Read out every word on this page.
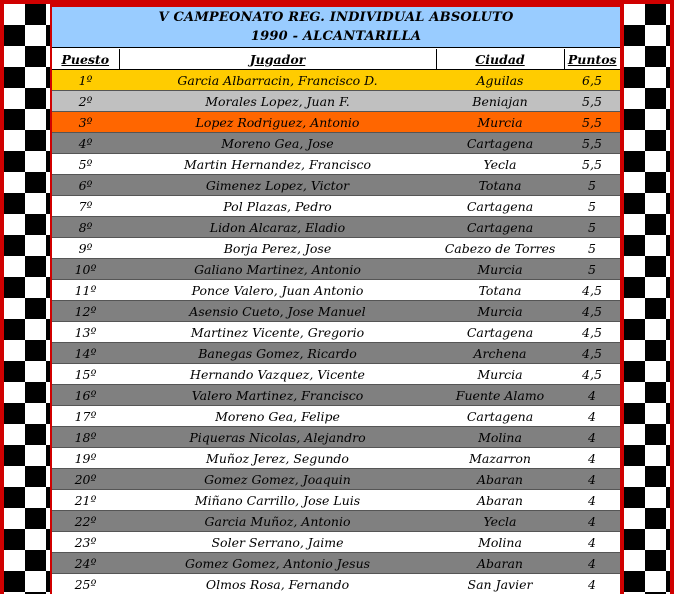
V CAMPEONATO REG. INDIVIDUAL ABSOLUTO
1990 - ALCANTARILLA
Puesto	Jugador	Ciudad	Puntos
1º	Garcia Albarracin, Francisco D.	Aguilas	6,5
2º	Morales Lopez, Juan F.	Beniajan	5,5
3º	Lopez Rodriguez, Antonio	Murcia	5,5
4º	Moreno Gea, Jose	Cartagena	5,5
5º	Martin Hernandez, Francisco	Yecla	5,5
6º	Gimenez Lopez, Victor	Totana	5
7º	Pol Plazas, Pedro	Cartagena	5
8º	Lidon Alcaraz, Eladio	Cartagena	5
9º	Borja Perez, Jose	Cabezo de Torres	5
10º	Galiano Martinez, Antonio	Murcia	5
11º	Ponce Valero, Juan Antonio	Totana	4,5
12º	Asensio Cueto, Jose Manuel	Murcia	4,5
13º	Martinez Vicente, Gregorio	Cartagena	4,5
14º	Banegas Gomez, Ricardo	Archena	4,5
15º	Hernando Vazquez, Vicente	Murcia	4,5
16º	Valero Martinez, Francisco	Fuente Alamo	4
17º	Moreno Gea, Felipe	Cartagena	4
18º	Piqueras Nicolas, Alejandro	Molina	4
19º	Muñoz Jerez, Segundo	Mazarron	4
20º	Gomez Gomez, Joaquin	Abaran	4
21º	Miñano Carrillo, Jose Luis	Abaran	4
22º	Garcia Muñoz, Antonio	Yecla	4
23º	Soler Serrano, Jaime	Molina	4
24º	Gomez Gomez, Antonio Jesus	Abaran	4
25º	Olmos Rosa, Fernando	San Javier	4
